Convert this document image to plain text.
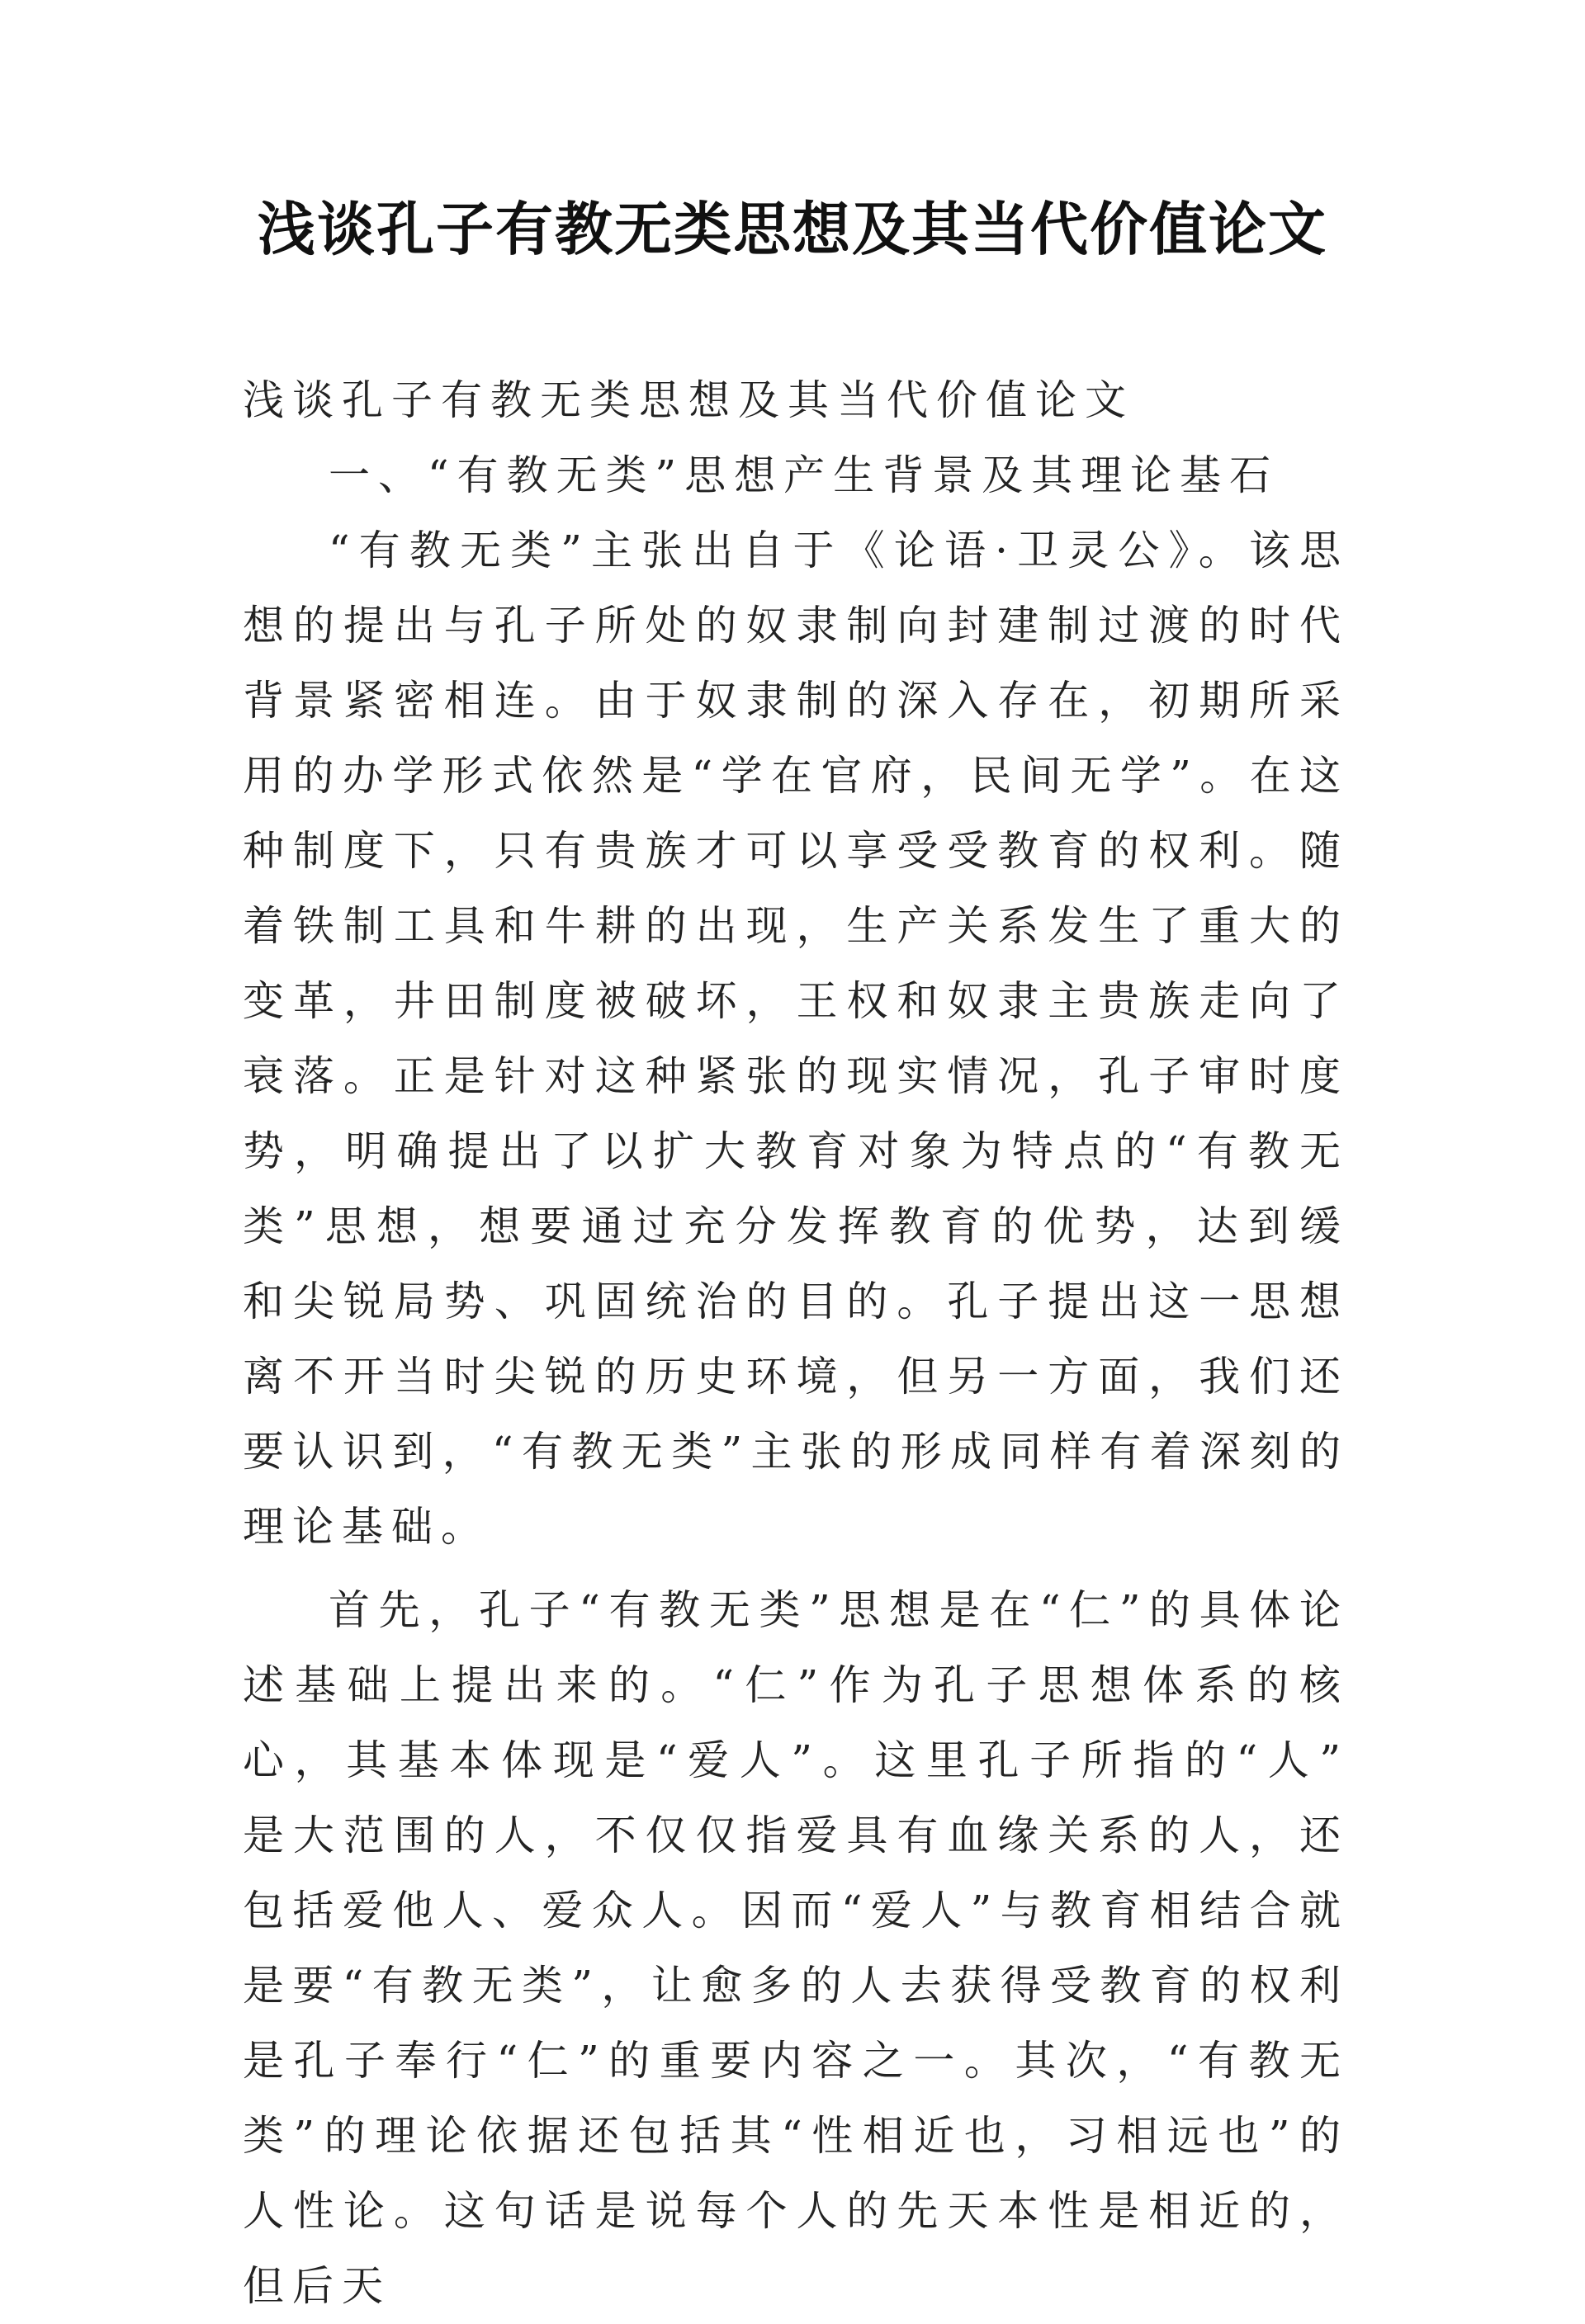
浅谈孔子有教无类思想及其当代价值论文

浅谈孔子有教无类思想及其当代价值论文

一、“有教无类”思想产生背景及其理论基石

“有教无类”主张出自于《论语·卫灵公》。该思想的提出与孔子所处的奴隶制向封建制过渡的时代背景紧密相连。由于奴隶制的深入存在，初期所采用的办学形式依然是“学在官府，民间无学”。在这种制度下，只有贵族才可以享受受教育的权利。随着铁制工具和牛耕的出现，生产关系发生了重大的变革，井田制度被破坏，王权和奴隶主贵族走向了衰落。正是针对这种紧张的现实情况，孔子审时度势，明确提出了以扩大教育对象为特点的“有教无类”思想，想要通过充分发挥教育的优势，达到缓和尖锐局势、巩固统治的目的。孔子提出这一思想离不开当时尖锐的历史环境，但另一方面，我们还要认识到，“有教无类”主张的形成同样有着深刻的理论基础。

首先，孔子“有教无类”思想是在“仁”的具体论述基础上提出来的。“仁”作为孔子思想体系的核心，其基本体现是“爱人”。这里孔子所指的“人” 是大范围的人，不仅仅指爱具有血缘关系的人，还包括爱他人、爱众人。因而“爱人”与教育相结合就是要“有教无类”，让愈多的人去获得受教育的权利是孔子奉行“仁”的重要内容之一。其次，“有教无类”的理论依据还包括其“性相近也，习相远也”的人性论。这句话是说每个人的先天本性是相近的，但后天
